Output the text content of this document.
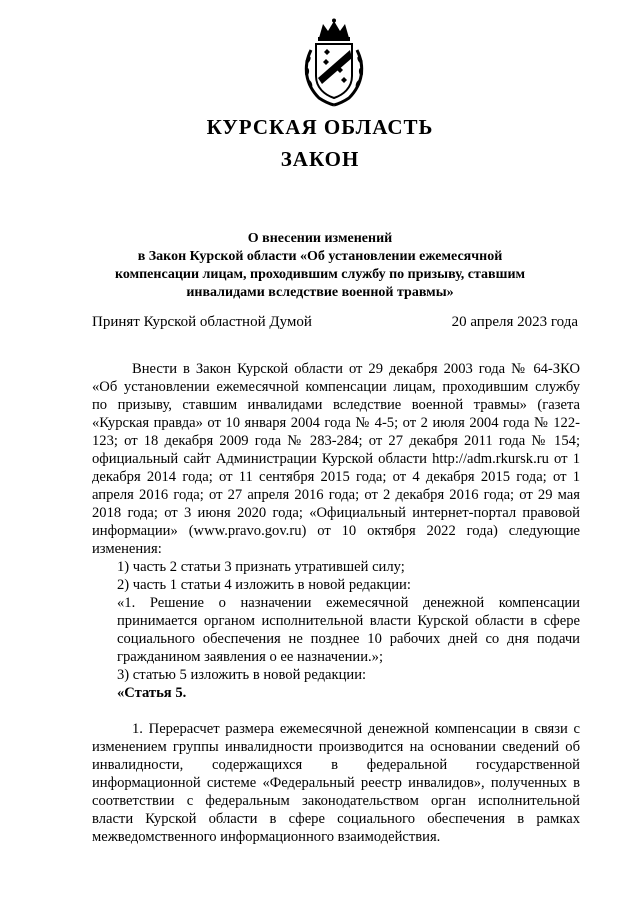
КУРСКАЯ ОБЛАСТЬ
ЗАКОН
О внесении изменений
в Закон Курской области «Об установлении ежемесячной
компенсации лицам, проходившим службу по призыву, ставшим
инвалидами вследствие военной травмы»
Принят Курской областной Думой	20 апреля 2023 года

Внести в Закон Курской области от 29 декабря 2003 года № 64-ЗКО «Об установлении ежемесячной компенсации лицам, проходившим службу по призыву, ставшим инвалидами вследствие военной травмы» (газета «Курская правда» от 10 января 2004 года № 4-5; от 2 июля 2004 года № 122-123; от 18 декабря 2009 года № 283-284; от 27 декабря 2011 года № 154; официальный сайт Администрации Курской области http://adm.rkursk.ru от 1 декабря 2014 года; от 11 сентября 2015 года; от 4 декабря 2015 года; от 1 апреля 2016 года; от 27 апреля 2016 года; от 2 декабря 2016 года; от 29 мая 2018 года; от 3 июня 2020 года; «Официальный интернет-портал правовой информации» (www.pravo.gov.ru) от 10 октября 2022 года) следующие изменения:

1) часть 2 статьи 3 признать утратившей силу;

2) часть 1 статьи 4 изложить в новой редакции:

«1. Решение о назначении ежемесячной денежной компенсации принимается органом исполнительной власти Курской области в сфере социального обеспечения не позднее 10 рабочих дней со дня подачи гражданином заявления о ее назначении.»;

3) статью 5 изложить в новой редакции:

«Статья 5.

1. Перерасчет размера ежемесячной денежной компенсации в связи с изменением группы инвалидности производится на основании сведений об инвалидности, содержащихся в федеральной государственной информационной системе «Федеральный реестр инвалидов», полученных в соответствии с федеральным законодательством орган исполнительной власти Курской области в сфере социального обеспечения в рамках межведомственного информационного взаимодействия.
